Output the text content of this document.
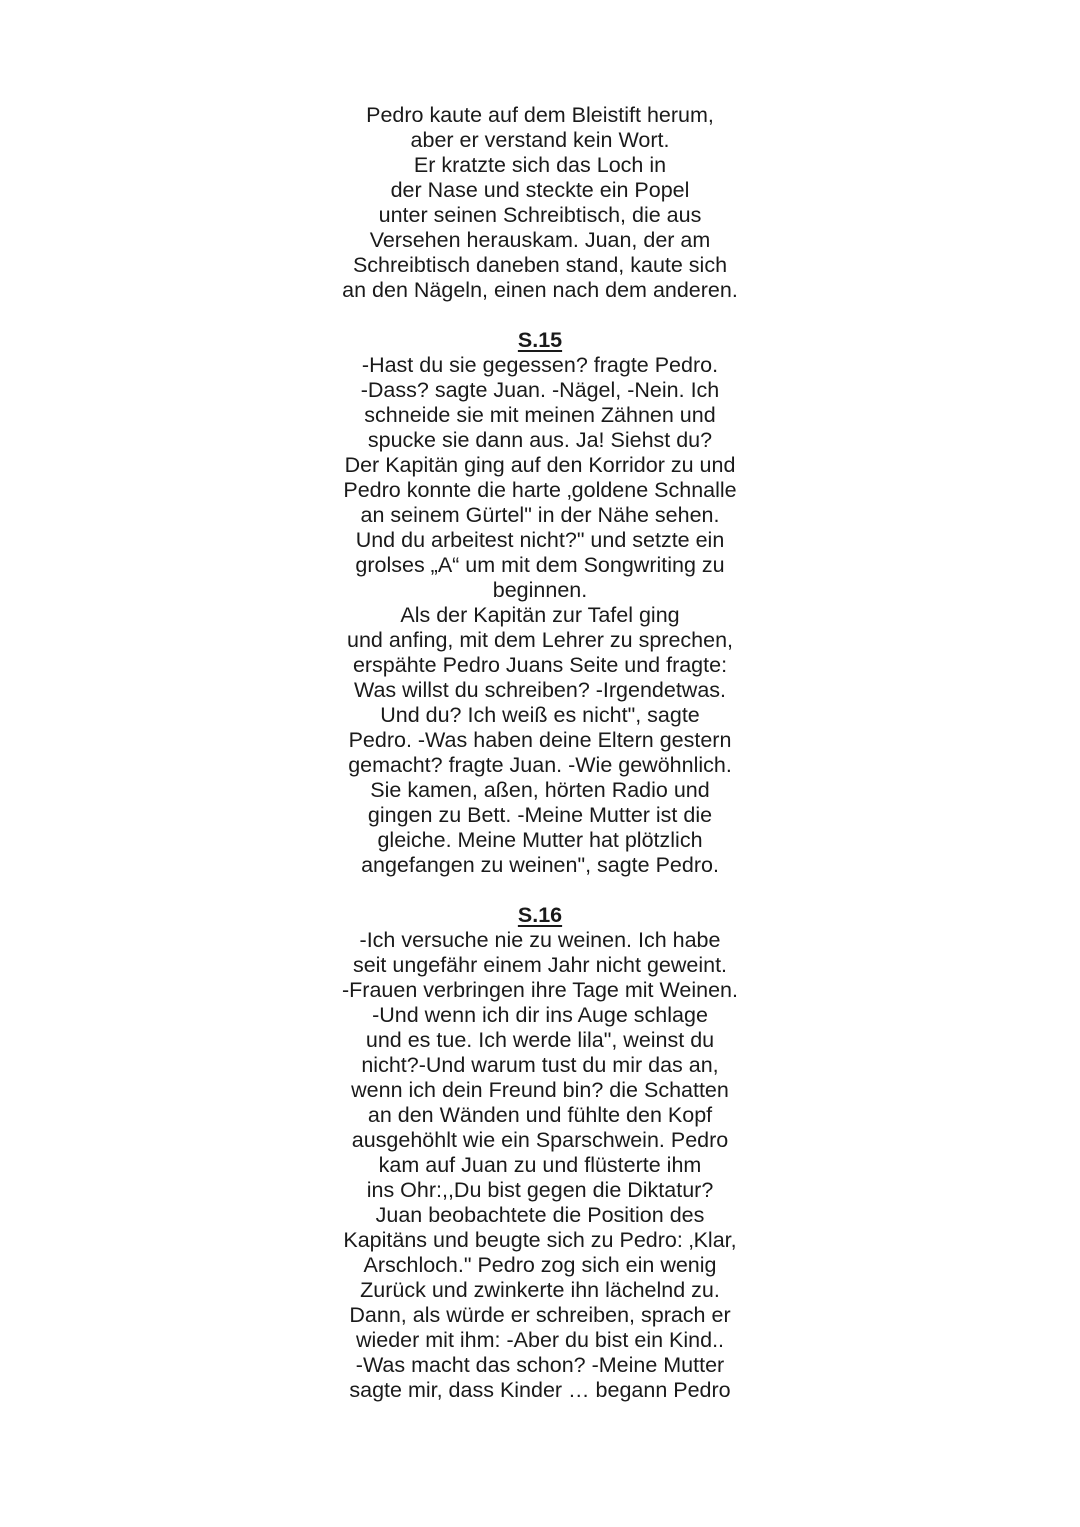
Pedro kaute auf dem Bleistift herum,
aber er verstand kein Wort.
Er kratzte sich das Loch in
der Nase und steckte ein Popel
unter seinen Schreibtisch, die aus
Versehen herauskam. Juan, der am
Schreibtisch daneben stand, kaute sich
an den Nägeln, einen nach dem anderen.
S.15
-Hast du sie gegessen? fragte Pedro.
-Dass? sagte Juan. -Nägel, -Nein. Ich
schneide sie mit meinen Zähnen und
spucke sie dann aus. Ja! Siehst du?
Der Kapitän ging auf den Korridor zu und
Pedro konnte die harte ‚goldene Schnalle
an seinem Gürtel" in der Nähe sehen.
Und du arbeitest nicht?" und setzte ein
grolses „A“ um mit dem Songwriting zu
beginnen.
Als der Kapitän zur Tafel ging
und anfing, mit dem Lehrer zu sprechen,
erspähte Pedro Juans Seite und fragte:
Was willst du schreiben? -Irgendetwas.
Und du? Ich weiß es nicht", sagte
Pedro. -Was haben deine Eltern gestern
gemacht? fragte Juan. -Wie gewöhnlich.
Sie kamen, aßen, hörten Radio und
gingen zu Bett. -Meine Mutter ist die
gleiche. Meine Mutter hat plötzlich
angefangen zu weinen", sagte Pedro.
S.16
-Ich versuche nie zu weinen. Ich habe
seit ungefähr einem Jahr nicht geweint.
-Frauen verbringen ihre Tage mit Weinen.
-Und wenn ich dir ins Auge schlage
und es tue. Ich werde lila", weinst du
nicht?-Und warum tust du mir das an,
wenn ich dein Freund bin? die Schatten
an den Wänden und fühlte den Kopf
ausgehöhlt wie ein Sparschwein. Pedro
kam auf Juan zu und flüsterte ihm
ins Ohr:,,Du bist gegen die Diktatur?
Juan beobachtete die Position des
Kapitäns und beugte sich zu Pedro: ‚Klar,
Arschloch." Pedro zog sich ein wenig
Zurück und zwinkerte ihn lächelnd zu.
Dann, als würde er schreiben, sprach er
wieder mit ihm: -Aber du bist ein Kind..
-Was macht das schon? -Meine Mutter
sagte mir, dass Kinder … begann Pedro
